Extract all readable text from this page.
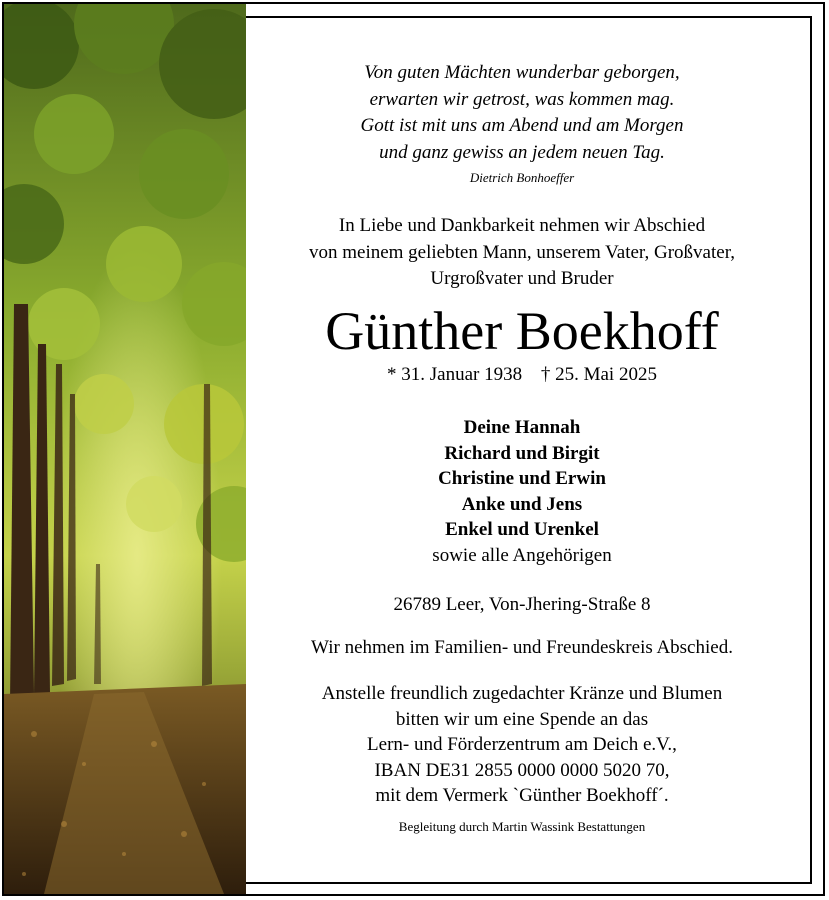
Von guten Mächten wunderbar geborgen,
erwarten wir getrost, was kommen mag.
Gott ist mit uns am Abend und am Morgen
und ganz gewiss an jedem neuen Tag.
Dietrich Bonhoeffer
In Liebe und Dankbarkeit nehmen wir Abschied
von meinem geliebten Mann, unserem Vater, Großvater,
Urgroßvater und Bruder
Günther Boekhoff
* 31. Januar 1938 † 25. Mai 2025
Deine Hannah
Richard und Birgit
Christine und Erwin
Anke und Jens
Enkel und Urenkel
sowie alle Angehörigen
26789 Leer, Von-Jhering-Straße 8
Wir nehmen im Familien- und Freundeskreis Abschied.
Anstelle freundlich zugedachter Kränze und Blumen
bitten wir um eine Spende an das
Lern- und Förderzentrum am Deich e.V.,
IBAN DE31 2855 0000 0000 5020 70,
mit dem Vermerk `Günther Boekhoff´.
Begleitung durch Martin Wassink Bestattungen
